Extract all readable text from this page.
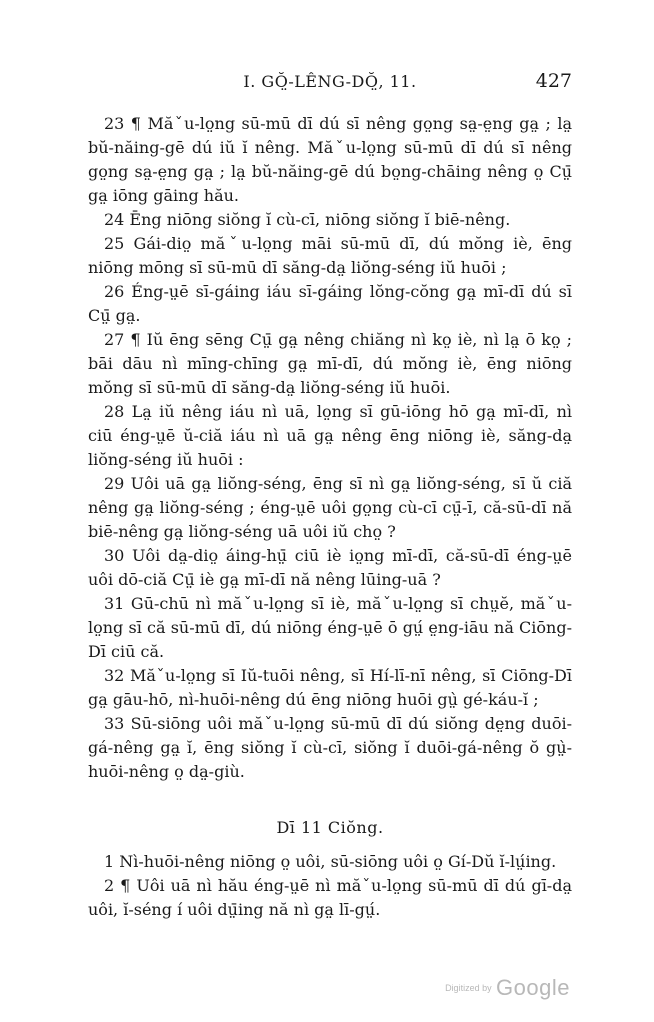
I. GŎ̤-LÊNG-DŎ̤, 11.	427

23 ¶ Măˇu-lo̤ng sū-mū dī dú sī nêng go̤ng sa̤-e̤ng ga̤ ; la̤ bŭ-năing-gē dú iŭ ĭ nêng. Măˇu-lo̤ng sū-mū dī dú sī nêng go̤ng sa̤-e̤ng ga̤ ; la̤ bŭ-năing-gē dú bo̤ng-chāing nêng o̤ Cṳ̄ ga̤ iōng gāing hău.

24 Ēng niōng siŏng ĭ cù-cī, niōng siŏng ĭ biē-nêng.

25 Gái-dio̤ măˇu-lo̤ng māi sū-mū dī, dú mŏng iè, ēng niōng mōng sī sū-mū dī săng-da̤ liŏng-séng iŭ huōi ;

26 Éng-ṳē sī-gáing iáu sī-gáing lŏng-cŏng ga̤ mī-dī dú sī Cṳ̄ ga̤.

27 ¶ Iŭ ēng sēng Cṳ̄ ga̤ nêng chiăng nì ko̤ iè, nì la̤ ō ko̤ ; bāi dāu nì mīng-chīng ga̤ mī-dī, dú mŏng iè, ēng niōng mŏng sī sū-mū dī săng-da̤ liŏng-séng iŭ huōi.

28 La̤ iŭ nêng iáu nì uā, lo̤ng sī gū-iōng hō ga̤ mī-dī, nì ciū éng-ṳē ŭ-ciă iáu nì uā ga̤ nêng ēng niōng iè, săng-da̤ liŏng-séng iŭ huōi :

29 Uôi uā ga̤ liŏng-séng, ēng sī nì ga̤ liŏng-séng, sī ŭ ciă nêng ga̤ liŏng-séng ; éng-ṳē uôi go̤ng cù-cī cṳ̄-ī, că-sū-dī nă biē-nêng ga̤ liŏng-séng uā uôi iŭ cho̤ ?

30 Uôi da̤-dio̤ áing-hṳ̄ ciū iè io̤ng mī-dī, că-sū-dī éng-ṳē uôi dō-ciă Cṳ̄ iè ga̤ mī-dī nă nêng lūing-uā ?

31 Gū-chū nì măˇu-lo̤ng sī iè, măˇu-lo̤ng sī chṳĕ, măˇu-lo̤ng sī că sū-mū dī, dú niōng éng-ṳē ō gṳ́ e̤ng-iāu nă Ciōng-Dī ciū că.

32 Măˇu-lo̤ng sī Iŭ-tuōi nêng, sī Hí-lī-nī nêng, sī Ciōng-Dī ga̤ gāu-hō, nì-huōi-nêng dú ēng niōng huōi gṳ̀ gé-káu-ĭ ;

33 Sū-siōng uôi măˇu-lo̤ng sū-mū dī dú siŏng de̤ng duōi-gá-nêng ga̤ ĭ, ēng siŏng ĭ cù-cī, siŏng ĭ duōi-gá-nêng ŏ gṳ̀-huōi-nêng o̤ da̤-giù.

Dī 11 Ciŏng.

1 Nì-huōi-nêng niōng o̤ uôi, sū-siōng uôi o̤ Gí-Dŭ ĭ-lṳ́ing.

2 ¶ Uôi uā nì hău éng-ṳē nì măˇu-lo̤ng sū-mū dī dú gī-da̤ uôi, ĭ-séng í uôi dṳ̄ing nă nì ga̤ lī-gṳ́.

Digitized by Google
